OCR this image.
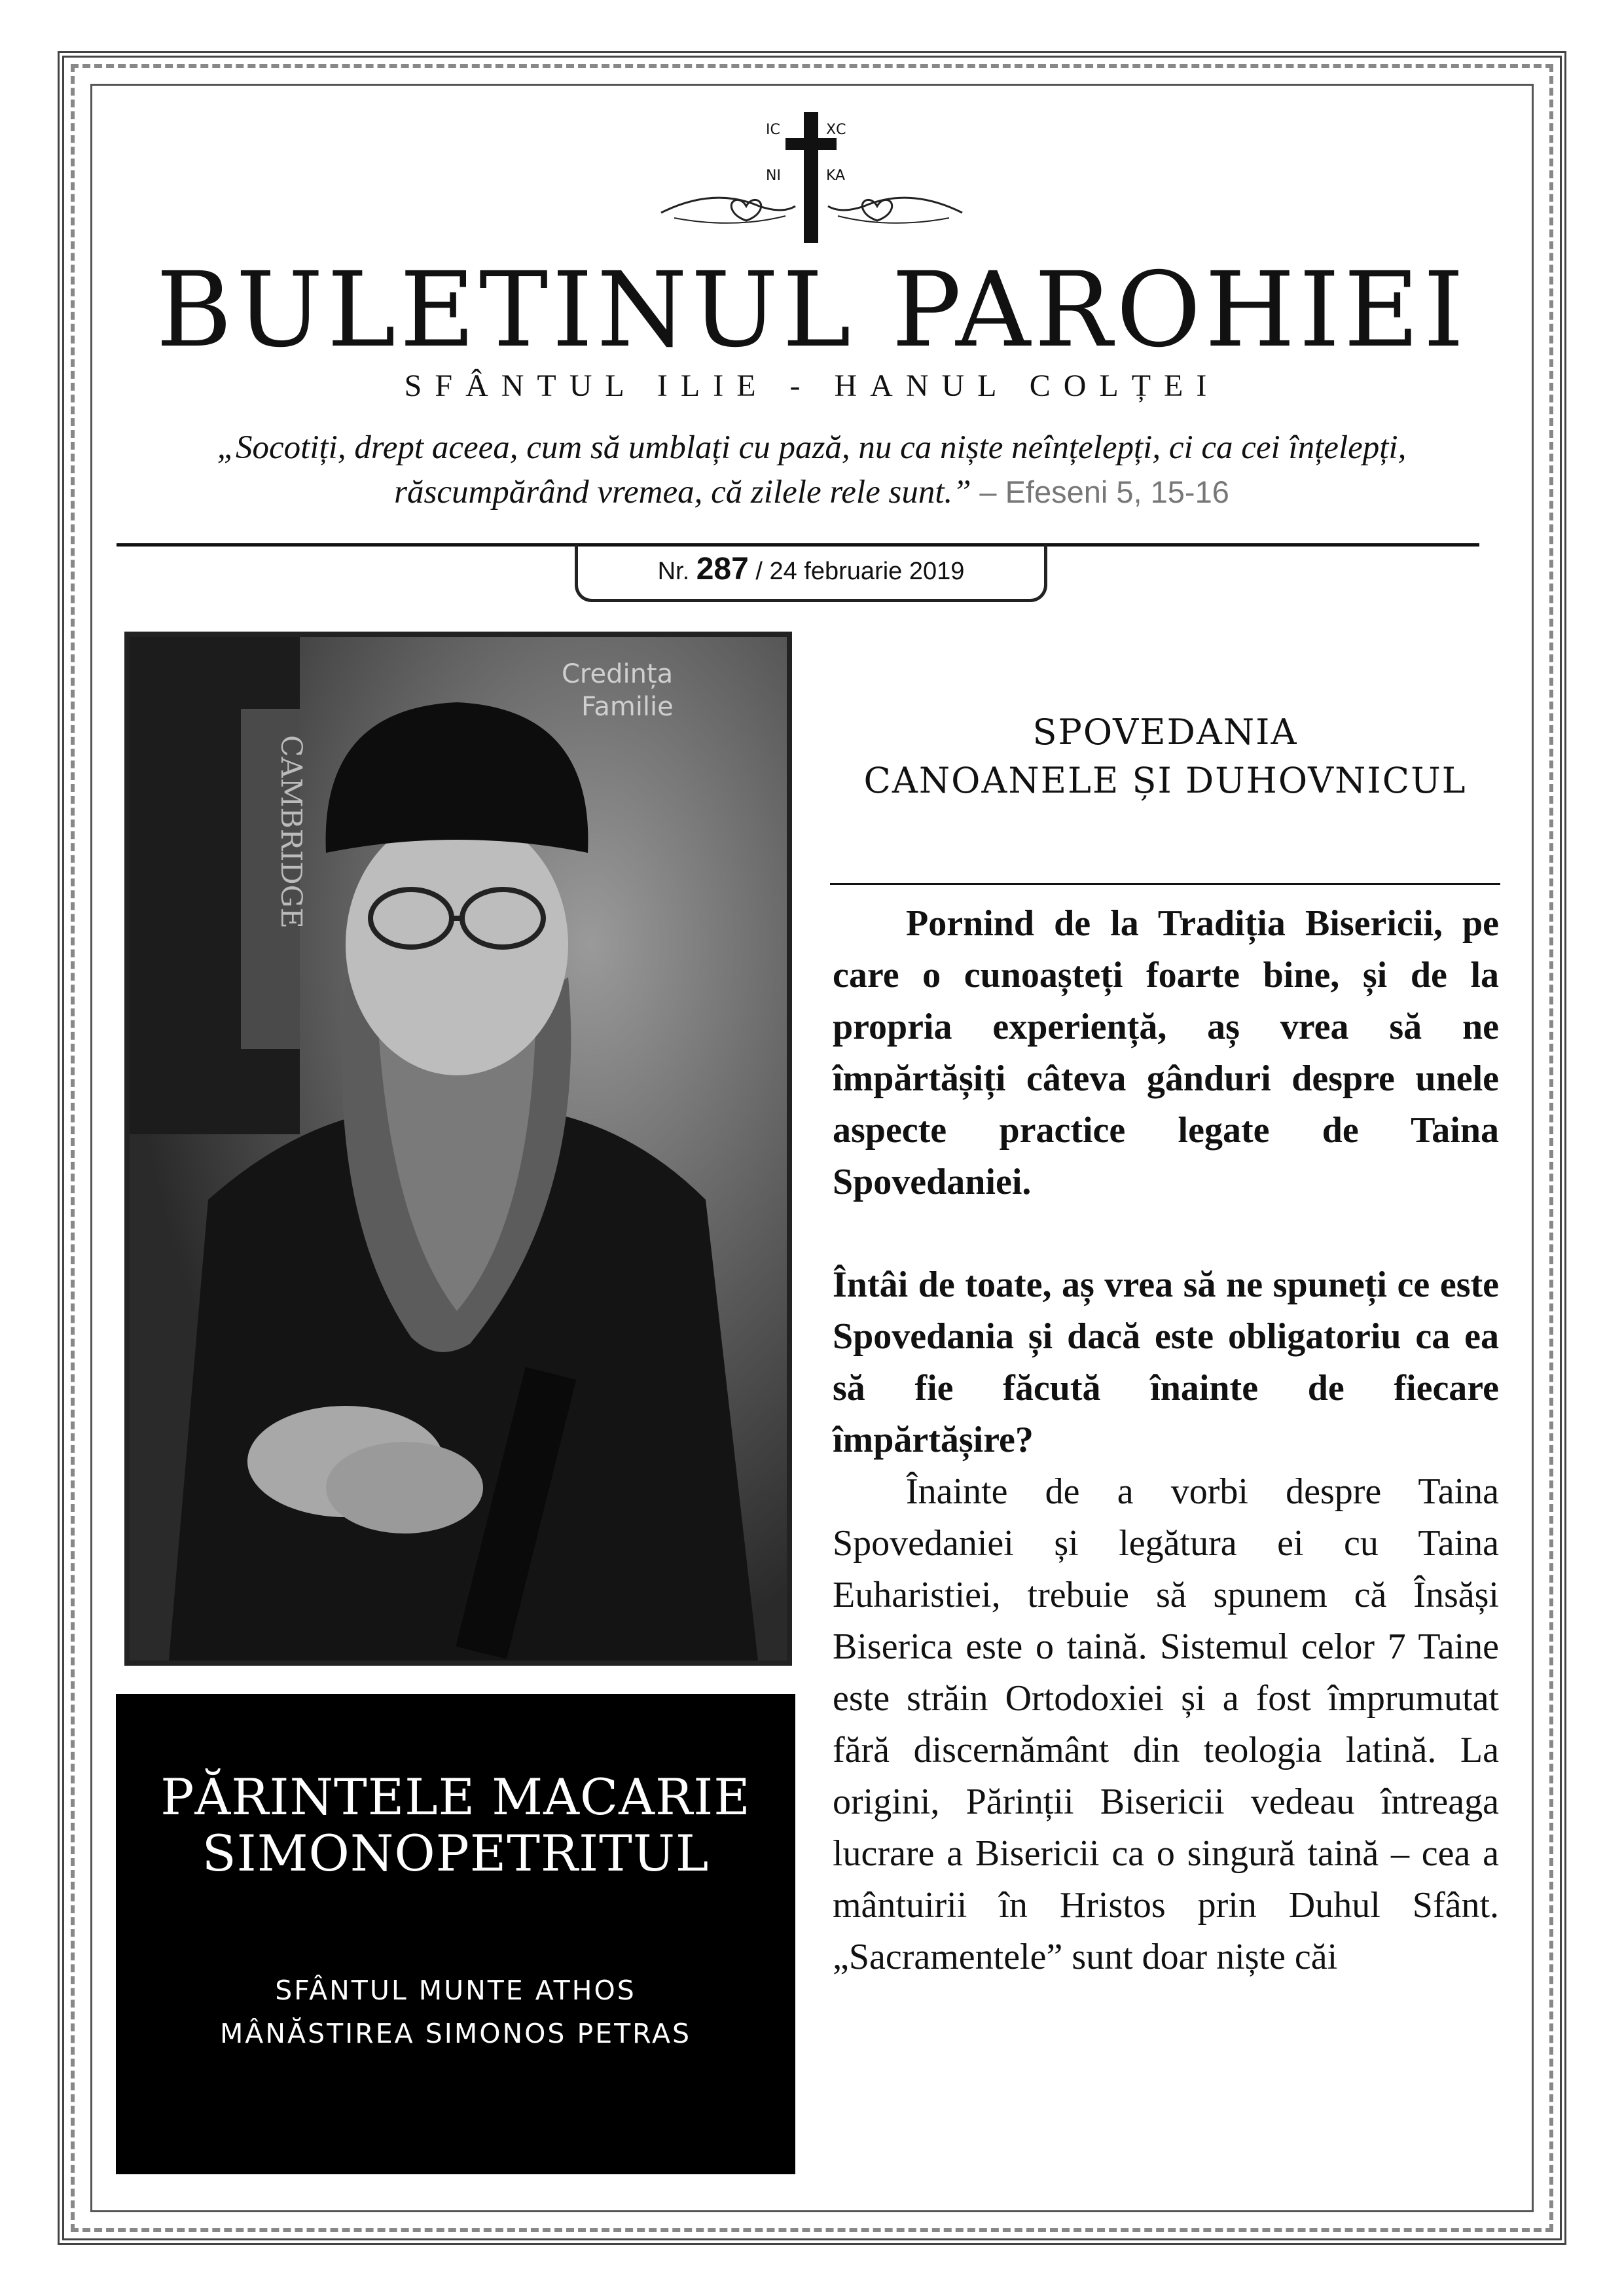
IC	ΧC
NI	KA
BULETINUL PAROHIEI
SFÂNTUL ILIE - HANUL COLȚEI
„Socotiți, drept aceea, cum să umblați cu pază, nu ca niște neînțelepți, ci ca cei înțelepți, răscumpărând vremea, că zilele rele sunt.” – Efeseni 5, 15-16
Nr. 287 / 24 februarie 2019
CAMBRIDGE
Credința
Familie
PĂRINTELE MACARIE
SIMONOPETRITUL
SFÂNTUL MUNTE ATHOS
MÂNĂSTIREA SIMONOS PETRAS
SPOVEDANIA
CANOANELE ȘI DUHOVNICUL

Pornind de la Tradiția Bisericii, pe care o cunoașteți foarte bine, și de la propria experiență, aș vrea să ne împărtășiți câteva gânduri despre unele aspecte practice legate de Taina Spovedaniei.

Întâi de toate, aș vrea să ne spuneți ce este Spovedania și dacă este obligatoriu ca ea să fie făcută înainte de fiecare împărtășire?

Înainte de a vorbi despre Taina Spovedaniei și legătura ei cu Taina Euharistiei, trebuie să spunem că Însăși Biserica este o taină. Sistemul celor 7 Taine este străin Ortodoxiei și a fost împrumutat fără discernământ din teologia latină. La origini, Părinții Bisericii vedeau întreaga lucrare a Bisericii ca o singură taină – cea a mântuirii în Hristos prin Duhul Sfânt. „Sacramentele” sunt doar niște căi
